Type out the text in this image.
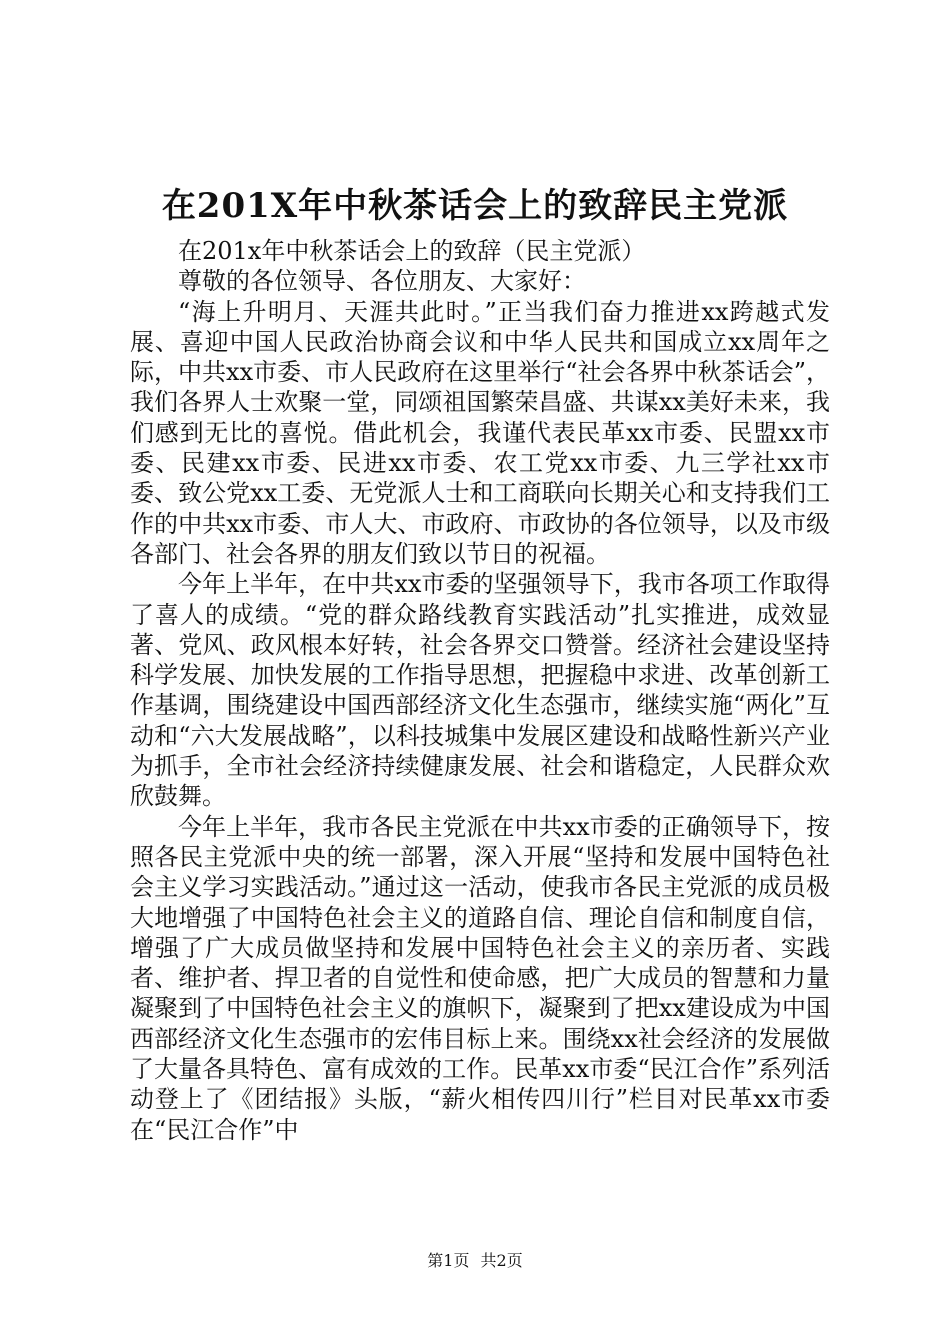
在201X年中秋茶话会上的致辞民主党派

在201x年中秋茶话会上的致辞（民主党派）

尊敬的各位领导、各位朋友、大家好：

“海上升明月、天涯共此时。”正当我们奋力推进xx跨越式发展、喜迎中国人民政治协商会议和中华人民共和国成立xx周年之际，中共xx市委、市人民政府在这里举行“社会各界中秋茶话会”，我们各界人士欢聚一堂，同颂祖国繁荣昌盛、共谋xx美好未来，我们感到无比的喜悦。借此机会，我谨代表民革xx市委、民盟xx市委、民建xx市委、民进xx市委、农工党xx市委、九三学社xx市委、致公党xx工委、无党派人士和工商联向长期关心和支持我们工作的中共xx市委、市人大、市政府、市政协的各位领导，以及市级各部门、社会各界的朋友们致以节日的祝福。

今年上半年，在中共xx市委的坚强领导下，我市各项工作取得了喜人的成绩。“党的群众路线教育实践活动”扎实推进，成效显著、党风、政风根本好转，社会各界交口赞誉。经济社会建设坚持科学发展、加快发展的工作指导思想，把握稳中求进、改革创新工作基调，围绕建设中国西部经济文化生态强市，继续实施“两化”互动和“六大发展战略”，以科技城集中发展区建设和战略性新兴产业为抓手，全市社会经济持续健康发展、社会和谐稳定，人民群众欢欣鼓舞。

今年上半年，我市各民主党派在中共xx市委的正确领导下，按照各民主党派中央的统一部署，深入开展“坚持和发展中国特色社会主义学习实践活动。”通过这一活动，使我市各民主党派的成员极大地增强了中国特色社会主义的道路自信、理论自信和制度自信，增强了广大成员做坚持和发展中国特色社会主义的亲历者、实践者、维护者、捍卫者的自觉性和使命感，把广大成员的智慧和力量凝聚到了中国特色社会主义的旗帜下，凝聚到了把xx建设成为中国西部经济文化生态强市的宏伟目标上来。围绕xx社会经济的发展做了大量各具特色、富有成效的工作。民革xx市委“民江合作”系列活动登上了《团结报》头版，“薪火相传四川行”栏目对民革xx市委在“民江合作”中

第1页 共2页
